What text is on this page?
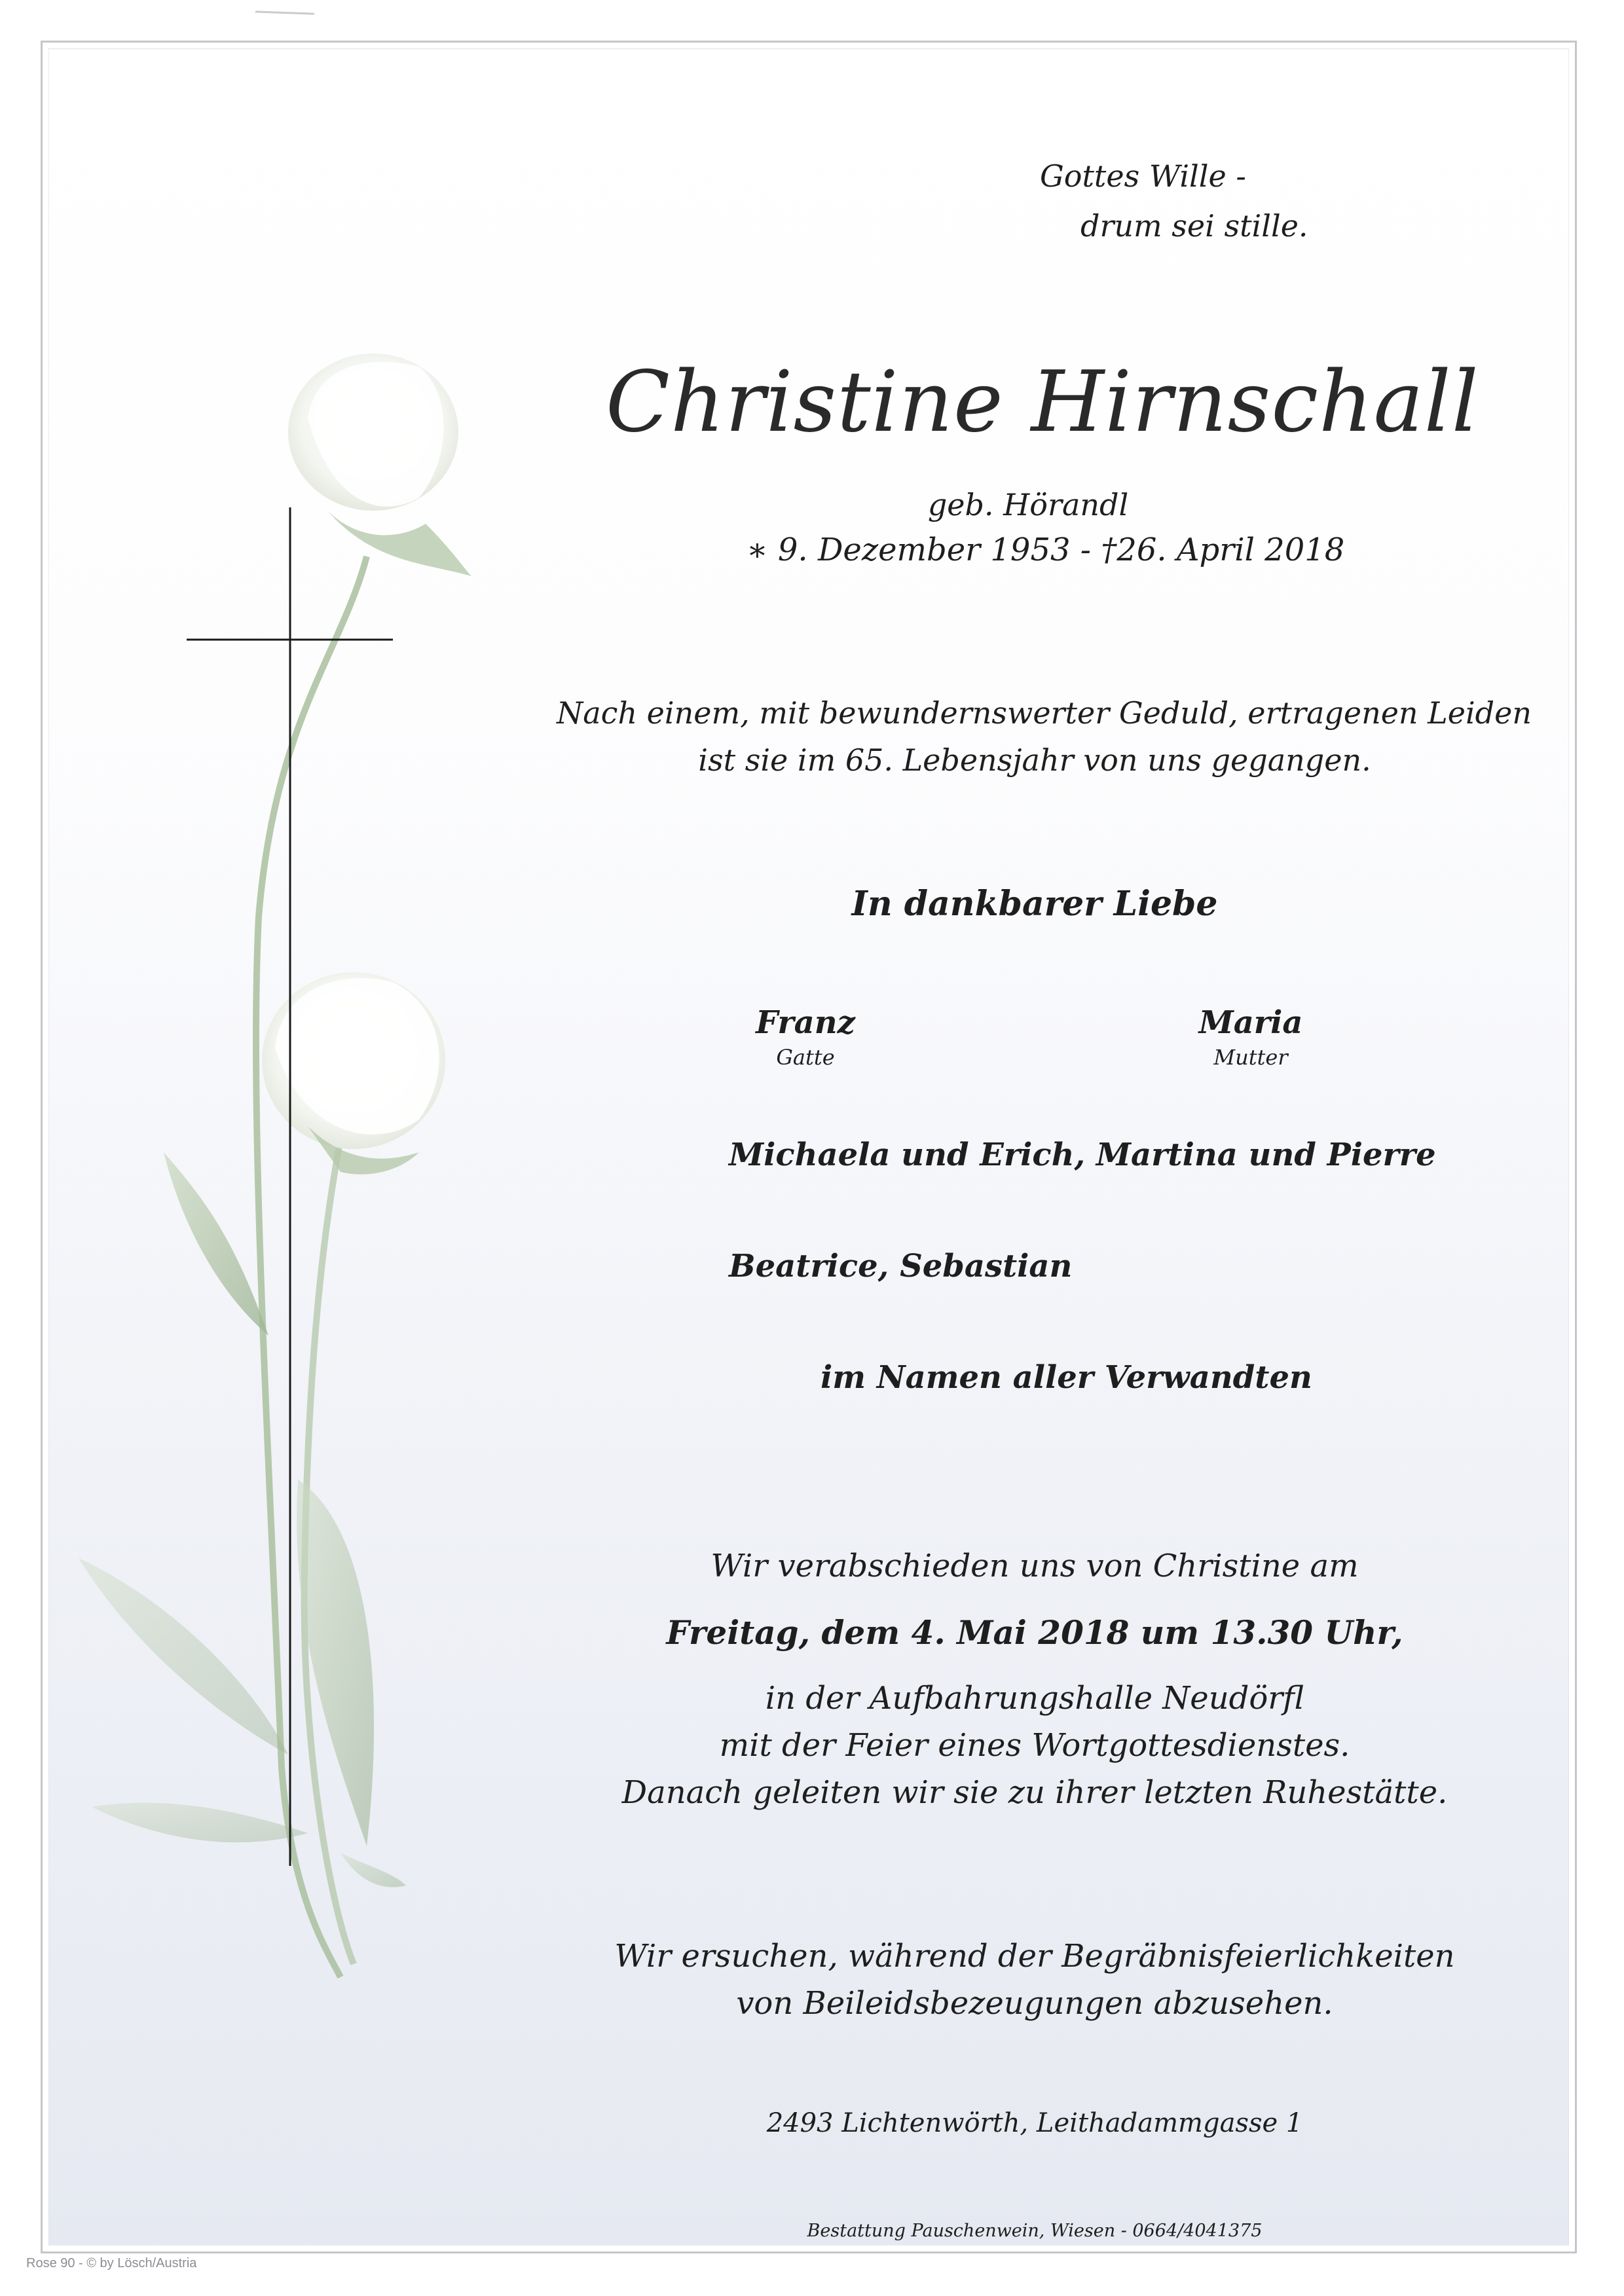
Gottes Wille -
drum sei stille.
Christine Hirnschall
geb. Hörandl
∗ 9. Dezember 1953 - †26. April 2018
Nach einem, mit bewundernswerter Geduld, ertragenen Leiden
ist sie im 65. Lebensjahr von uns gegangen.
In dankbarer Liebe
Franz
Gatte
Maria
Mutter
Michaela und Erich, Martina und Pierre
Beatrice, Sebastian
im Namen aller Verwandten
Wir verabschieden uns von Christine am
Freitag, dem 4. Mai 2018 um 13.30 Uhr,
in der Aufbahrungshalle Neudörfl
mit der Feier eines Wortgottesdienstes.
Danach geleiten wir sie zu ihrer letzten Ruhestätte.
Wir ersuchen, während der Begräbnisfeierlichkeiten
von Beileidsbezeugungen abzusehen.
2493 Lichtenwörth, Leithadammgasse 1
Bestattung Pauschenwein, Wiesen - 0664/4041375
Rose 90 - © by Lösch/Austria
